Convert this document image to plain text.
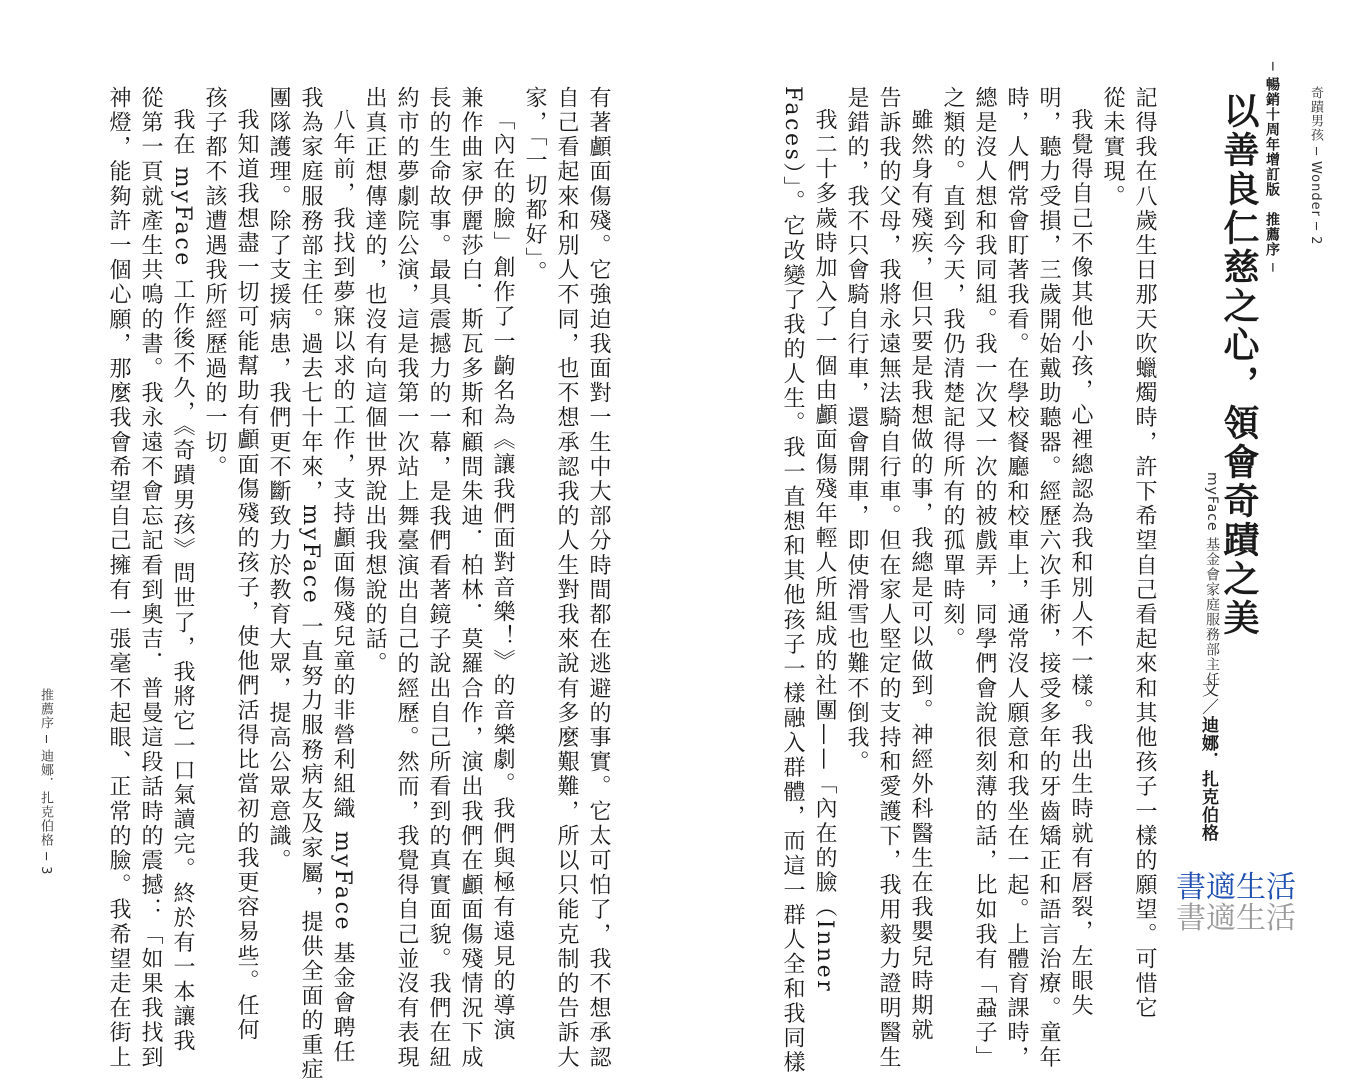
奇蹟男孩 ─ Wonder ─ 2
─ 暢銷十周年增訂版　推薦序 ─
以善良仁慈之心，領會奇蹟之美
myFace 基金會家庭服務部主任
文／迪娜．扎克伯格
記得我在八歲生日那天吹蠟燭時，許下希望自己看起來和其他孩子一樣的願望。可惜它
從未實現。
我覺得自己不像其他小孩，心裡總認為我和別人不一樣。我出生時就有唇裂，左眼失
明，聽力受損，三歲開始戴助聽器。經歷六次手術，接受多年的牙齒矯正和語言治療。童年
時，人們常會盯著我看。在學校餐廳和校車上，通常沒人願意和我坐在一起。上體育課時，
總是沒人想和我同組。我一次又一次的被戲弄，同學們會說很刻薄的話，比如我有「蝨子」
之類的。直到今天，我仍清楚記得所有的孤單時刻。
雖然身有殘疾，但只要是我想做的事，我總是可以做到。神經外科醫生在我嬰兒時期就
告訴我的父母，我將永遠無法騎自行車。但在家人堅定的支持和愛護下，我用毅力證明醫生
是錯的，我不只會騎自行車，還會開車，即使滑雪也難不倒我。
我二十多歲時加入了一個由顱面傷殘年輕人所組成的社團——「內在的臉（Inner
Faces）」。它改變了我的人生。我一直想和其他孩子一樣融入群體，而這一群人全和我同樣
有著顱面傷殘。它強迫我面對一生中大部分時間都在逃避的事實。它太可怕了，我不想承認
自己看起來和別人不同，也不想承認我的人生對我來說有多麼艱難，所以只能克制的告訴大
家，「一切都好」。
「內在的臉」創作了一齣名為《讓我們面對音樂！》的音樂劇。我們與極有遠見的導演
兼作曲家伊麗莎白．斯瓦多斯和顧問朱迪．柏林．莫羅合作，演出我們在顱面傷殘情況下成
長的生命故事。最具震撼力的一幕，是我們看著鏡子說出自己所看到的真實面貌。我們在紐
約市的夢劇院公演，這是我第一次站上舞臺演出自己的經歷。然而，我覺得自己並沒有表現
出真正想傳達的，也沒有向這個世界說出我想說的話。
八年前，我找到夢寐以求的工作，支持顱面傷殘兒童的非營利組織 myFace 基金會聘任
我為家庭服務部主任。過去七十年來，myFace 一直努力服務病友及家屬，提供全面的重症
團隊護理。除了支援病患，我們更不斷致力於教育大眾，提高公眾意識。
我知道我想盡一切可能幫助有顱面傷殘的孩子，使他們活得比當初的我更容易些。任何
孩子都不該遭遇我所經歷過的一切。
我在 myFace 工作後不久，《奇蹟男孩》問世了，我將它一口氣讀完。終於有一本讓我
從第一頁就產生共鳴的書。我永遠不會忘記看到奧吉．普曼這段話時的震撼：「如果我找到
神燈，能夠許一個心願，那麼我會希望自己擁有一張毫不起眼、正常的臉。我希望走在街上
推薦序 ─ 迪娜．扎克伯格 ─ 3
書適生活
書適生活
